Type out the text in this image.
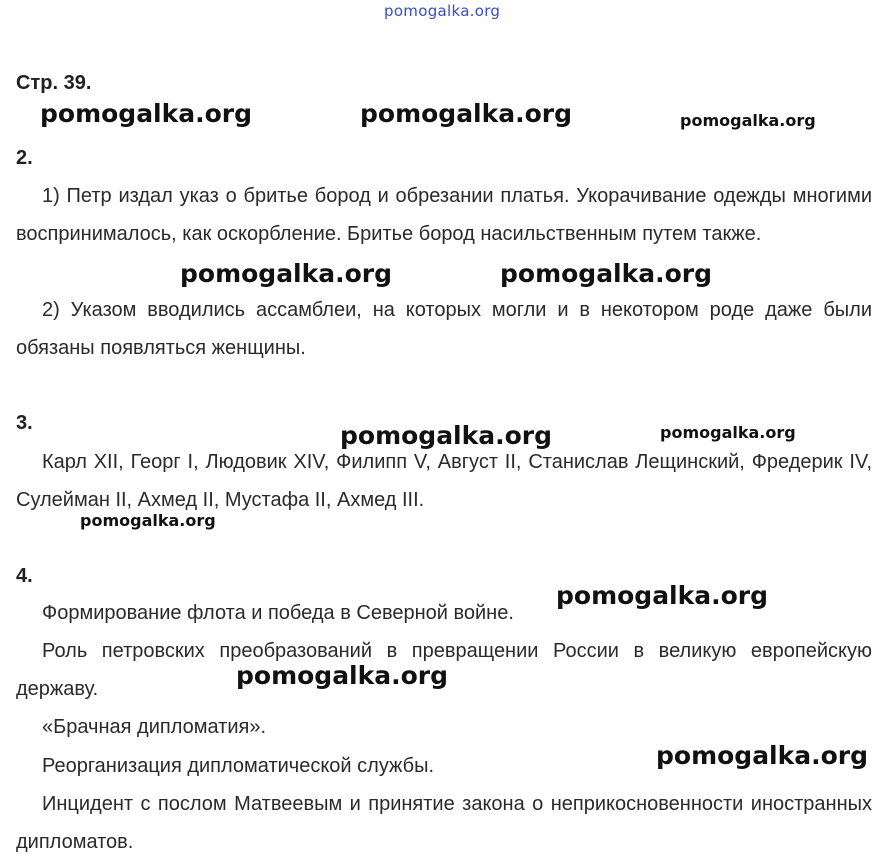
pomogalka.org
Стр. 39.
pomogalka.org	pomogalka.org	pomogalka.org
2.
1) Петр издал указ о бритье бород и обрезании платья. Укорачивание одежды многими воспринималось, как оскорбление. Бритье бород насильственным путем также.
pomogalka.org	pomogalka.org
2) Указом вводились ассамблеи, на которых могли и в некотором роде даже были обязаны появляться женщины.
3.	pomogalka.org	pomogalka.org
Карл XII, Георг I, Людовик XIV, Филипп V, Август II, Станислав Лещинский, Фредерик IV, Сулейман II, Ахмед II, Мустафа II, Ахмед III.
pomogalka.org
4.
Формирование флота и победа в Северной войне.
pomogalka.org
Роль петровских преобразований в превращении России в великую европейскую державу.	pomogalka.org
«Брачная дипломатия».
pomogalka.org
Реорганизация дипломатической службы.
Инцидент с послом Матвеевым и принятие закона о неприкосновенности иностранных дипломатов.
